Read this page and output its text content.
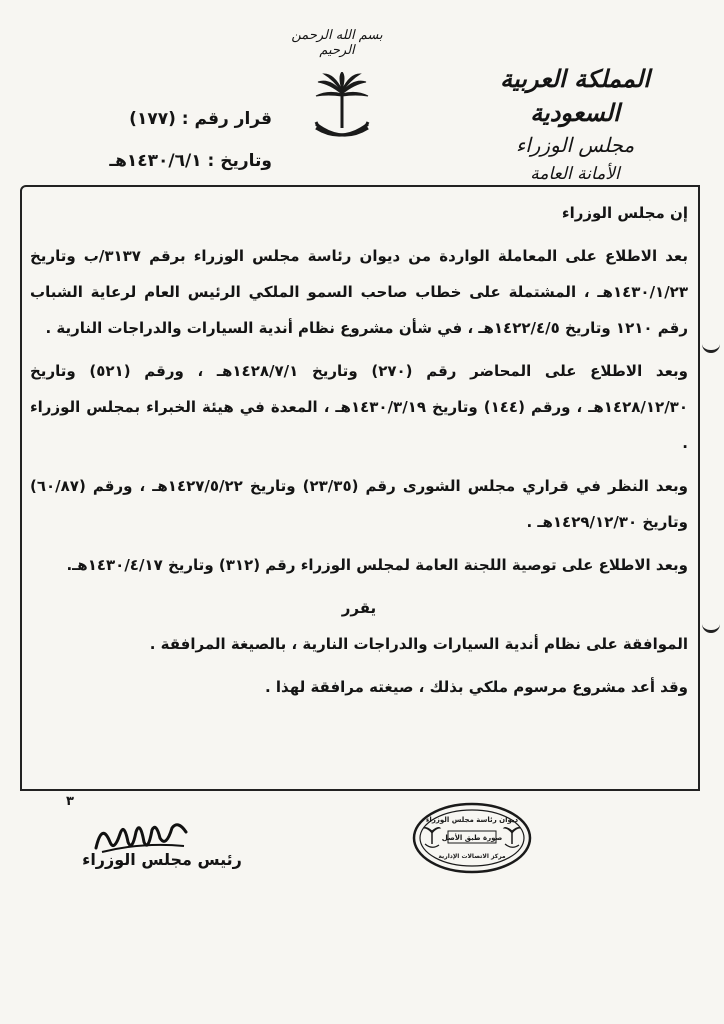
بسم الله الرحمن الرحيم
المملكة العربية السعودية
مجلس الوزراء
الأمانة العامة
قرار رقم : (١٧٧)
وتاريخ : ١٤٣٠/٦/١هـ

إن مجلس الوزراء

بعد الاطلاع على المعاملة الواردة من ديوان رئاسة مجلس الوزراء برقم ٣١٣٧/ب وتاريخ ١٤٣٠/١/٢٣هـ ، المشتملة على خطاب صاحب السمو الملكي الرئيس العام لرعاية الشباب رقم ١٢١٠ وتاريخ ١٤٢٢/٤/٥هـ ، في شأن مشروع نظام أندية السيارات والدراجات النارية .

وبعد الاطلاع على المحاضر رقم (٢٧٠) وتاريخ ١٤٢٨/٧/١هـ ، ورقم (٥٢١) وتاريخ ١٤٢٨/١٢/٣٠هـ ، ورقم (١٤٤) وتاريخ ١٤٣٠/٣/١٩هـ ، المعدة في هيئة الخبراء بمجلس الوزراء .

وبعد النظر في قراري مجلس الشورى رقم (٢٣/٣٥) وتاريخ ١٤٢٧/٥/٢٢هـ ، ورقم (٦٠/٨٧) وتاريخ ١٤٢٩/١٢/٣٠هـ .

وبعد الاطلاع على توصية اللجنة العامة لمجلس الوزراء رقم (٣١٢) وتاريخ ١٤٣٠/٤/١٧هـ.

يقرر

الموافقة على نظام أندية السيارات والدراجات النارية ، بالصيغة المرافقة .

وقد أعد مشروع مرسوم ملكي بذلك ، صيغته مرافقة لهذا .

٣
رئيس مجلس الوزراء
ديوان رئاسة مجلس الوزراء
صورة طبق الأصل
مركز الاتصالات الإدارية
